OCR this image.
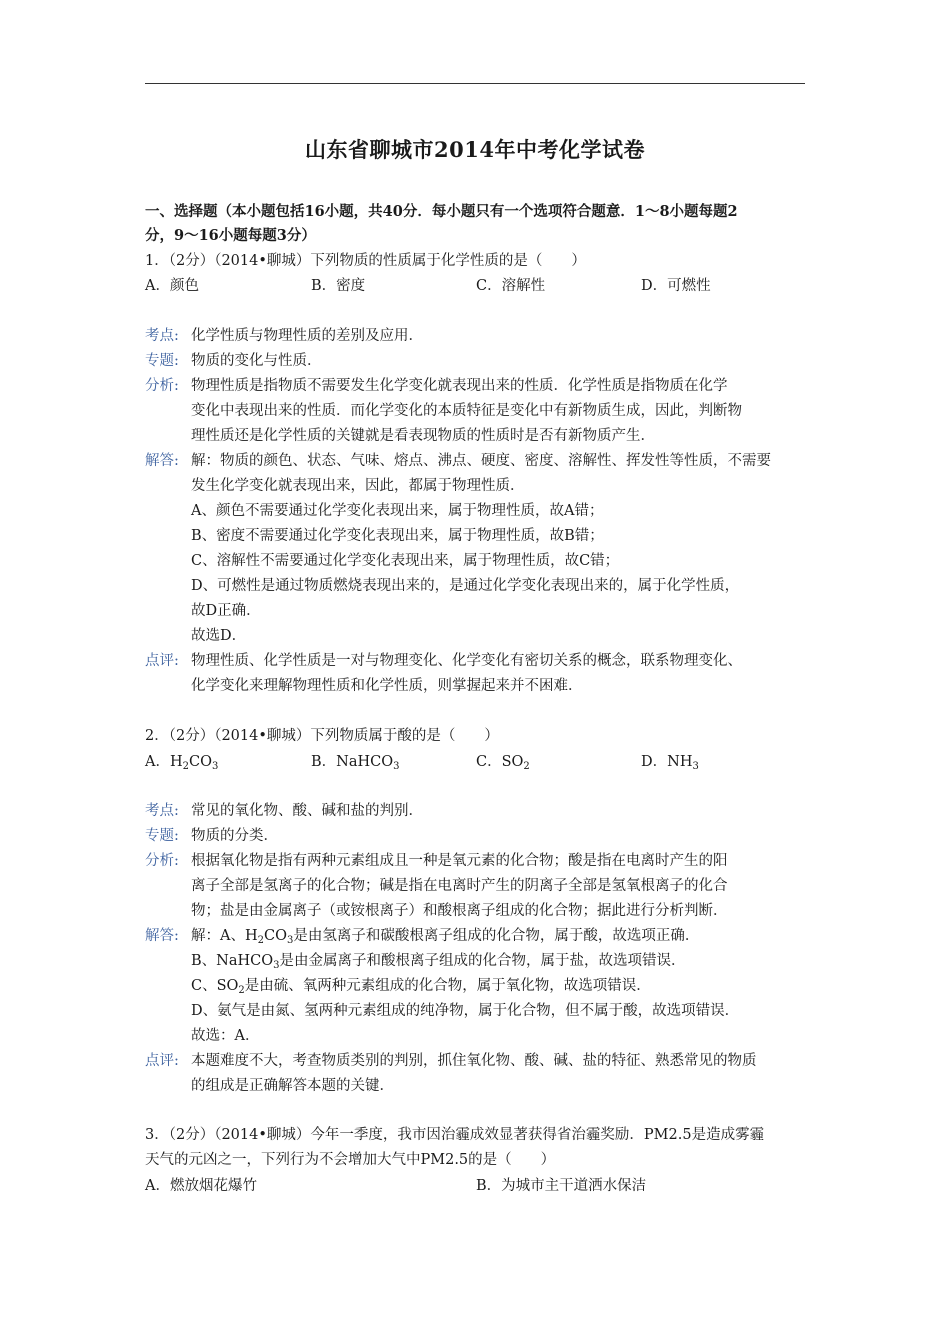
山东省聊城市2014年中考化学试卷
一、选择题（本小题包括16小题，共40分．每小题只有一个选项符合题意．1～8小题每题2
分，9～16小题每题3分）
1．（2分）（2014•聊城）下列物质的性质属于化学性质的是（　　）
A．颜色	B．密度	C．溶解性	D．可燃性
考点: 化学性质与物理性质的差别及应用．
专题: 物质的变化与性质．
分析: 物理性质是指物质不需要发生化学变化就表现出来的性质．化学性质是指物质在化学
变化中表现出来的性质．而化学变化的本质特征是变化中有新物质生成，因此，判断物
理性质还是化学性质的关键就是看表现物质的性质时是否有新物质产生．
解答: 解：物质的颜色、状态、气味、熔点、沸点、硬度、密度、溶解性、挥发性等性质，不需要
发生化学变化就表现出来，因此，都属于物理性质．
A、颜色不需要通过化学变化表现出来，属于物理性质，故A错；
B、密度不需要通过化学变化表现出来，属于物理性质，故B错；
C、溶解性不需要通过化学变化表现出来，属于物理性质，故C错；
D、可燃性是通过物质燃烧表现出来的，是通过化学变化表现出来的，属于化学性质，
故D正确．
故选D．
点评: 物理性质、化学性质是一对与物理变化、化学变化有密切关系的概念，联系物理变化、
化学变化来理解物理性质和化学性质，则掌握起来并不困难．
2．（2分）（2014•聊城）下列物质属于酸的是（　　）
A．$H_2CO_3$	B．NaHCO$_3$	C．$SO_2$	D．$NH_3$
考点: 常见的氧化物、酸、碱和盐的判别．
专题: 物质的分类．
分析: 根据氧化物是指有两种元素组成且一种是氧元素的化合物；酸是指在电离时产生的阳
离子全部是氢离子的化合物；碱是指在电离时产生的阴离子全部是氢氧根离子的化合
物；盐是由金属离子（或铵根离子）和酸根离子组成的化合物；据此进行分析判断．
解答: 解：A、$H_2CO_3$是由氢离子和碳酸根离子组成的化合物，属于酸，故选项正确．
B、NaHCO$_3$是由金属离子和酸根离子组成的化合物，属于盐，故选项错误．
C、$SO_2$是由硫、氧两种元素组成的化合物，属于氧化物，故选项错误．
D、氨气是由氮、氢两种元素组成的纯净物，属于化合物，但不属于酸，故选项错误．
故选：A．
点评: 本题难度不大，考查物质类别的判别，抓住氧化物、酸、碱、盐的特征、熟悉常见的物质
的组成是正确解答本题的关键．
3．（2分）（2014•聊城）今年一季度，我市因治霾成效显著获得省治霾奖励．PM2.5是造成雾霾
天气的元凶之一，下列行为不会增加大气中PM2.5的是（　　）
A．燃放烟花爆竹	B．为城市主干道洒水保洁
